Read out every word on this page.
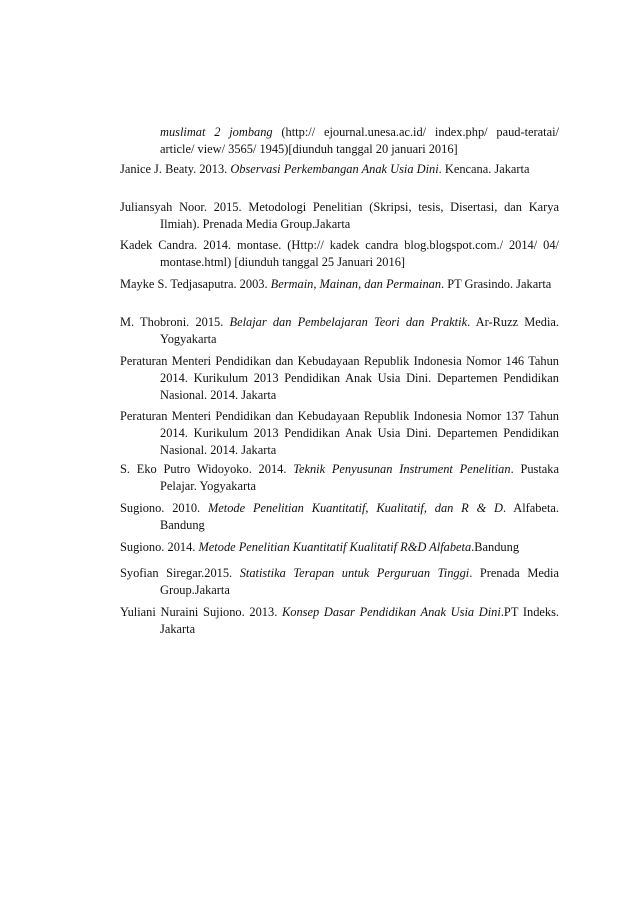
muslimat 2 jombang (http:// ejournal.unesa.ac.id/ index.php/ paud-teratai/ article/ view/ 3565/ 1945)[diunduh tanggal 20 januari 2016]

Janice J. Beaty. 2013. Observasi Perkembangan Anak Usia Dini. Kencana. Jakarta

Juliansyah Noor. 2015. Metodologi Penelitian (Skripsi, tesis, Disertasi, dan Karya Ilmiah). Prenada Media Group.Jakarta

Kadek Candra. 2014. montase. (Http:// kadek candra blog.blogspot.com./ 2014/ 04/ montase.html) [diunduh tanggal 25 Januari 2016]

Mayke S. Tedjasaputra. 2003. Bermain, Mainan, dan Permainan. PT Grasindo. Jakarta

M. Thobroni. 2015. Belajar dan Pembelajaran Teori dan Praktik. Ar-Ruzz Media. Yogyakarta

Peraturan Menteri Pendidikan dan Kebudayaan Republik Indonesia Nomor 146 Tahun 2014. Kurikulum 2013 Pendidikan Anak Usia Dini. Departemen Pendidikan Nasional. 2014. Jakarta

Peraturan Menteri Pendidikan dan Kebudayaan Republik Indonesia Nomor 137 Tahun 2014. Kurikulum 2013 Pendidikan Anak Usia Dini. Departemen Pendidikan Nasional. 2014. Jakarta

S. Eko Putro Widoyoko. 2014. Teknik Penyusunan Instrument Penelitian. Pustaka Pelajar. Yogyakarta

Sugiono. 2010. Metode Penelitian Kuantitatif, Kualitatif, dan R & D. Alfabeta. Bandung

Sugiono. 2014. Metode Penelitian Kuantitatif Kualitatif R&D Alfabeta.Bandung

Syofian Siregar.2015. Statistika Terapan untuk Perguruan Tinggi. Prenada Media Group.Jakarta

Yuliani Nuraini Sujiono. 2013. Konsep Dasar Pendidikan Anak Usia Dini.PT Indeks. Jakarta
